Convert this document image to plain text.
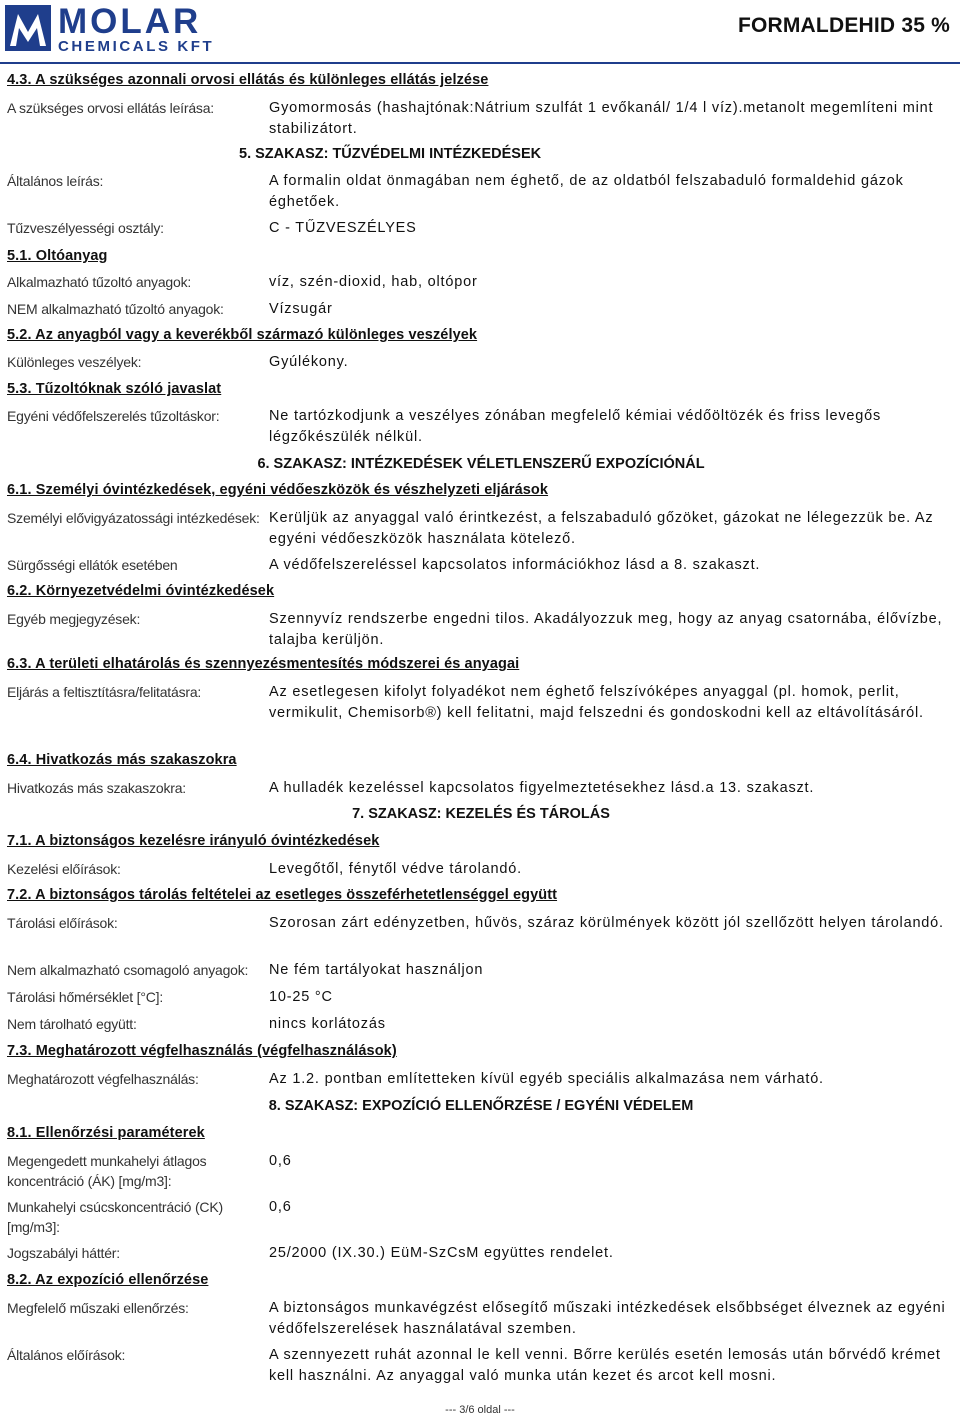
MOLAR
CHEMICALS KFT
FORMALDEHID 35 %
4.3. A szükséges azonnali orvosi ellátás és különleges ellátás jelzése
A szükséges orvosi ellátás leírása:	Gyomormosás (hashajtónak:Nátrium szulfát 1 evőkanál/ 1/4 l víz).metanolt megemlíteni mint stabilizátort.
5. SZAKASZ: TŰZVÉDELMI INTÉZKEDÉSEK
Általános leírás:	A formalin oldat önmagában nem éghető, de az oldatból felszabaduló formaldehid gázok éghetőek.
Tűzveszélyességi osztály:	C - TŰZVESZÉLYES
5.1. Oltóanyag
Alkalmazható tűzoltó anyagok:	víz, szén-dioxid, hab, oltópor
NEM alkalmazható tűzoltó anyagok:	Vízsugár
5.2. Az anyagból vagy a keverékből származó különleges veszélyek
Különleges veszélyek:	Gyúlékony.
5.3. Tűzoltóknak szóló javaslat
Egyéni védőfelszerelés tűzoltáskor:	Ne tartózkodjunk a veszélyes zónában megfelelő kémiai védőöltözék és friss levegős légzőkészülék nélkül.
6. SZAKASZ: INTÉZKEDÉSEK VÉLETLENSZERŰ EXPOZÍCIÓNÁL
6.1. Személyi óvintézkedések, egyéni védőeszközök és vészhelyzeti eljárások
Személyi elővigyázatossági intézkedések: Kerüljük az anyaggal való érintkezést, a felszabaduló gőzöket, gázokat ne lélegezzük be. Az egyéni védőeszközök használata kötelező.
Sürgősségi ellátók esetében	A védőfelszereléssel kapcsolatos információkhoz lásd a 8. szakaszt.
6.2. Környezetvédelmi óvintézkedések
Egyéb megjegyzések:	Szennyvíz rendszerbe engedni tilos. Akadályozzuk meg, hogy az anyag csatornába, élővízbe, talajba kerüljön.
6.3. A területi elhatárolás és szennyezésmentesítés módszerei és anyagai
Eljárás a feltisztításra/felitatásra:	Az esetlegesen kifolyt folyadékot nem éghető felszívóképes anyaggal (pl. homok, perlit, vermikulit, Chemisorb®) kell felitatni, majd felszedni és gondoskodni kell az eltávolításáról.
6.4. Hivatkozás más szakaszokra
Hivatkozás más szakaszokra:	A hulladék kezeléssel kapcsolatos figyelmeztetésekhez lásd.a 13. szakaszt.
7. SZAKASZ: KEZELÉS ÉS TÁROLÁS
7.1. A biztonságos kezelésre irányuló óvintézkedések
Kezelési előírások:	Levegőtől, fénytől védve tárolandó.
7.2. A biztonságos tárolás feltételei az esetleges összeférhetetlenséggel együtt
Tárolási előírások:	Szorosan zárt edényzetben, hűvös, száraz körülmények között jól szellőzött helyen tárolandó.
Nem alkalmazható csomagoló anyagok: Ne fém tartályokat használjon
Tárolási hőmérséklet [°C]:	10-25 °C
Nem tárolható együtt:	nincs korlátozás
7.3. Meghatározott végfelhasználás (végfelhasználások)
Meghatározott végfelhasználás:	Az 1.2. pontban említetteken kívül egyéb speciális alkalmazása nem várható.
8. SZAKASZ: EXPOZÍCIÓ ELLENŐRZÉSE / EGYÉNI VÉDELEM
8.1. Ellenőrzési paraméterek
Megengedett munkahelyi átlagos koncentráció (ÁK) [mg/m3]:
0,6
Munkahelyi csúcskoncentráció (CK) [mg/m3]:
0,6
Jogszabályi háttér:	25/2000 (IX.30.) EüM-SzCsM együttes rendelet.
8.2. Az expozíció ellenőrzése
Megfelelő műszaki ellenőrzés:	A biztonságos munkavégzést elősegítő műszaki intézkedések elsőbbséget élveznek az egyéni védőfelszerelések használatával szemben.
Általános előírások:	A szennyezett ruhát azonnal le kell venni. Bőrre kerülés esetén lemosás után bőrvédő krémet kell használni. Az anyaggal való munka után kezet és arcot kell mosni.
--- 3/6 oldal ---
